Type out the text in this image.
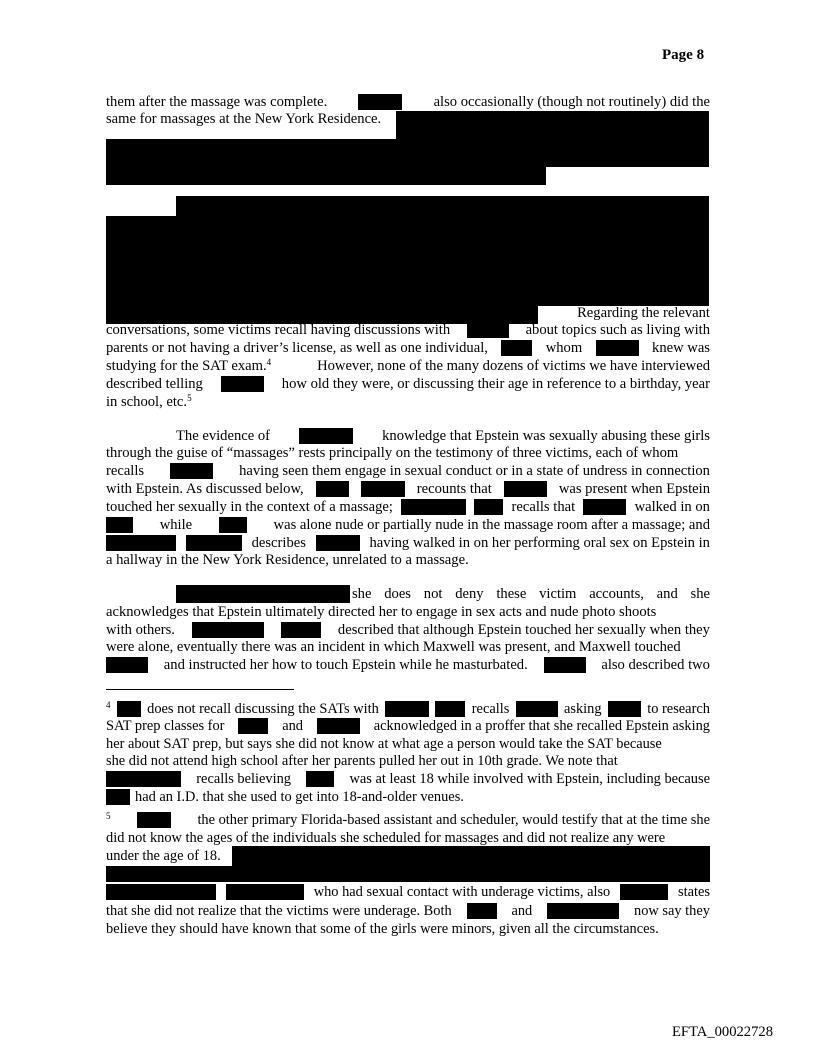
Page 8
them after the massage was complete.	also occasionally (though not routinely) did the
same for massages at the New York Residence.
Regarding the relevant
conversations, some victims recall having discussions with	about topics such as living with
parents or not having a driver’s license, as well as one individual,	whom	knew was
studying for the SAT exam.$^4$	However, none of the many dozens of victims we have interviewed
described telling	how old they were, or discussing their age in reference to a birthday, year
in school, etc.$^5$
The evidence of	knowledge that Epstein was sexually abusing these girls
through the guise of “massages” rests principally on the testimony of three victims, each of whom
recalls	having seen them engage in sexual conduct or in a state of undress in connection
with Epstein. As discussed below,	recounts that	was present when Epstein
touched her sexually in the context of a massage;	recalls that	walked in on
while	was alone nude or partially nude in the massage room after a massage; and
describes	having walked in on her performing oral sex on Epstein in
a hallway in the New York Residence, unrelated to a massage.
she does not deny these victim accounts, and she
acknowledges that Epstein ultimately directed her to engage in sex acts and nude photo shoots
with others.	described that although Epstein touched her sexually when they
were alone, eventually there was an incident in which Maxwell was present, and Maxwell touched
and instructed her how to touch Epstein while he masturbated.	also described two
$^4$	does not recall discussing the SATs with	recalls	asking	to research
SAT prep classes for	and	acknowledged in a proffer that she recalled Epstein asking
her about SAT prep, but says she did not know at what age a person would take the SAT because
she did not attend high school after her parents pulled her out in 10th grade. We note that
recalls believing	was at least 18 while involved with Epstein, including because
had an I.D. that she used to get into 18-and-older venues.
$^5$	the other primary Florida-based assistant and scheduler, would testify that at the time she
did not know the ages of the individuals she scheduled for massages and did not realize any were
under the age of 18.
who had sexual contact with underage victims, also	states
that she did not realize that the victims were underage. Both	and	now say they
believe they should have known that some of the girls were minors, given all the circumstances.
EFTA_00022728
